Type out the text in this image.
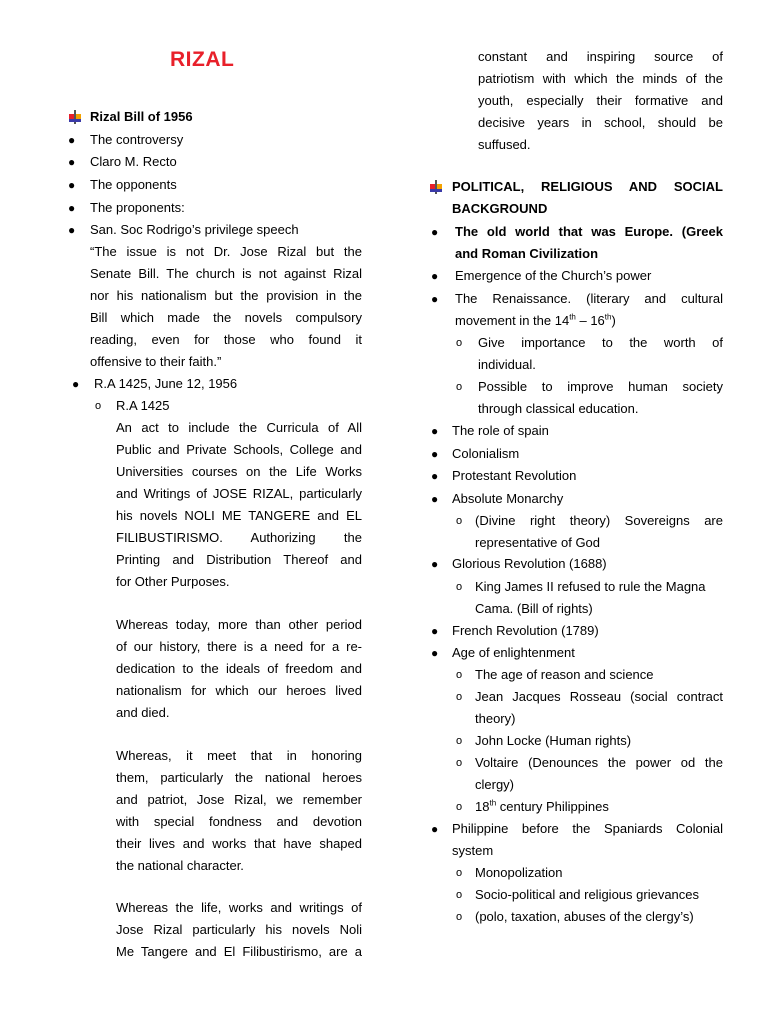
RIZAL
Rizal Bill of 1956
● The controversy
● Claro M. Recto
● The opponents
● The proponents:
● San. Soc Rodrigo’s privilege speech
“The issue is not Dr. Jose Rizal but the
Senate Bill. The church is not against Rizal
nor his nationalism but the provision in the
Bill which made the novels compulsory
reading, even for those who found it
offensive to their faith.”
● R.A 1425, June 12, 1956
o R.A 1425
An act to include the Curricula of All
Public and Private Schools, College and
Universities courses on the Life Works
and Writings of JOSE RIZAL, particularly
his novels NOLI ME TANGERE and EL
FILIBUSTIRISMO. Authorizing the
Printing and Distribution Thereof and
for Other Purposes.
Whereas today, more than other period
of our history, there is a need for a re-
dedication to the ideals of freedom and
nationalism for which our heroes lived
and died.
Whereas, it meet that in honoring
them, particularly the national heroes
and patriot, Jose Rizal, we remember
with special fondness and devotion
their lives and works that have shaped
the national character.
Whereas the life, works and writings of
Jose Rizal particularly his novels Noli
Me Tangere and El Filibustirismo, are a
constant and inspiring source of
patriotism with which the minds of the
youth, especially their formative and
decisive years in school, should be
suffused.
POLITICAL, RELIGIOUS AND SOCIAL
BACKGROUND
● The old world that was Europe. (Greek
and Roman Civilization
● Emergence of the Church’s power
● The Renaissance. (literary and cultural
movement in the 14th – 16th)
o Give importance to the worth of
individual.
o Possible to improve human society
through classical education.
● The role of spain
● Colonialism
● Protestant Revolution
● Absolute Monarchy
o (Divine right theory) Sovereigns are
representative of God
● Glorious Revolution (1688)
o King James II refused to rule the Magna
Cama. (Bill of rights)
● French Revolution (1789)
● Age of enlightenment
o The age of reason and science
o Jean Jacques Rosseau (social contract
theory)
o John Locke (Human rights)
o Voltaire (Denounces the power od the
clergy)
o 18th century Philippines
● Philippine before the Spaniards Colonial
system
o Monopolization
o Socio-political and religious grievances
o (polo, taxation, abuses of the clergy’s)
